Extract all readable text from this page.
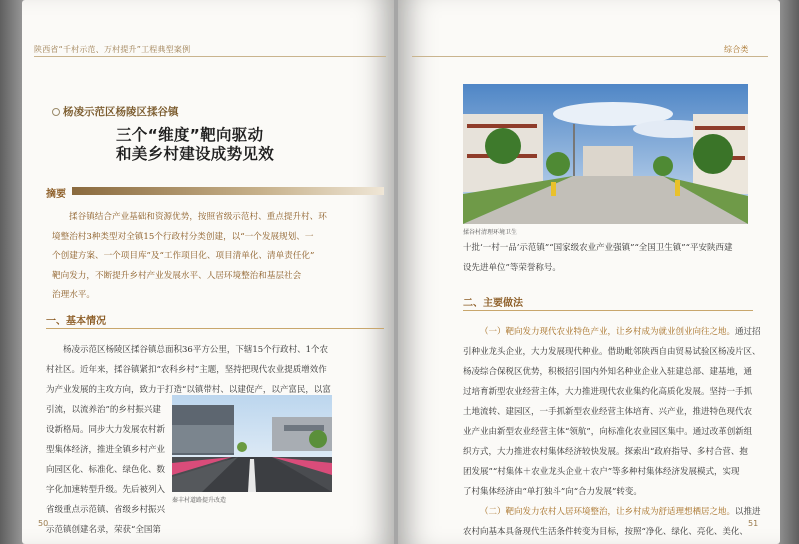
陕西省“千村示范、万村提升”工程典型案例
杨凌示范区杨陵区揉谷镇
三个“维度”靶向驱动
和美乡村建设成势见效
摘要

揉谷镇结合产业基础和资源优势，按照省级示范村、重点提升村、环

境整治村3种类型对全镇15个行政村分类创建，以“一个发展规划、一

个创建方案、一个项目库”及“工作项目化、项目清单化、清单责任化”

靶向发力，不断提升乡村产业发展水平、人居环境整治和基层社会

治理水平。

一、基本情况

杨凌示范区杨陵区揉谷镇总面积36平方公里，下辖15个行政村、1个农

村社区。近年来，揉谷镇紧扣“农科乡村”主题，坚持把现代农业提质增效作

为产业发展的主攻方向，致力于打造“以镇带村、以建促产，以产富民，以富

引流，以流养治”的乡村振兴建

设新格局。同步大力发展农村新

型集体经济，推进全镇乡村产业

向园区化、标准化、绿色化、数

字化加速转型升级。先后被列入

省级重点示范镇、省级乡村振兴

示范镇创建名录，荣获“全国第

秦丰村道路提升改造
50
综合类
揉谷村清理环境卫生

十批‘一村一品’示范镇”“国家级农业产业强镇”“全国卫生镇”“平安陕西建

设先进单位”等荣誉称号。

二、主要做法

（一）靶向发力现代农业特色产业，让乡村成为就业创业向往之地。通过招

引种业龙头企业，大力发展现代种业。借助毗邻陕西自由贸易试验区杨凌片区、

杨凌综合保税区优势，积极招引国内外知名种业企业入驻建总部、建基地，通

过培育新型农业经营主体，大力推进现代农业集约化高质化发展。坚持一手抓

土地流转、建园区，一手抓新型农业经营主体培育、兴产业，推进特色现代农

业产业由新型农业经营主体“领航”，向标准化农业园区集中。通过改革创新组

织方式，大力推进农村集体经济较快发展。探索出“政府指导、多村合营、抱

团发展”“村集体＋农业龙头企业＋农户”等多种村集体经济发展模式，实现

了村集体经济由“单打独斗”向“合力发展”转变。

（二）靶向发力农村人居环境整治，让乡村成为舒适理想栖居之地。以推进

农村向基本具备现代生活条件转变为目标，按照“净化、绿化、亮化、美化、

51
